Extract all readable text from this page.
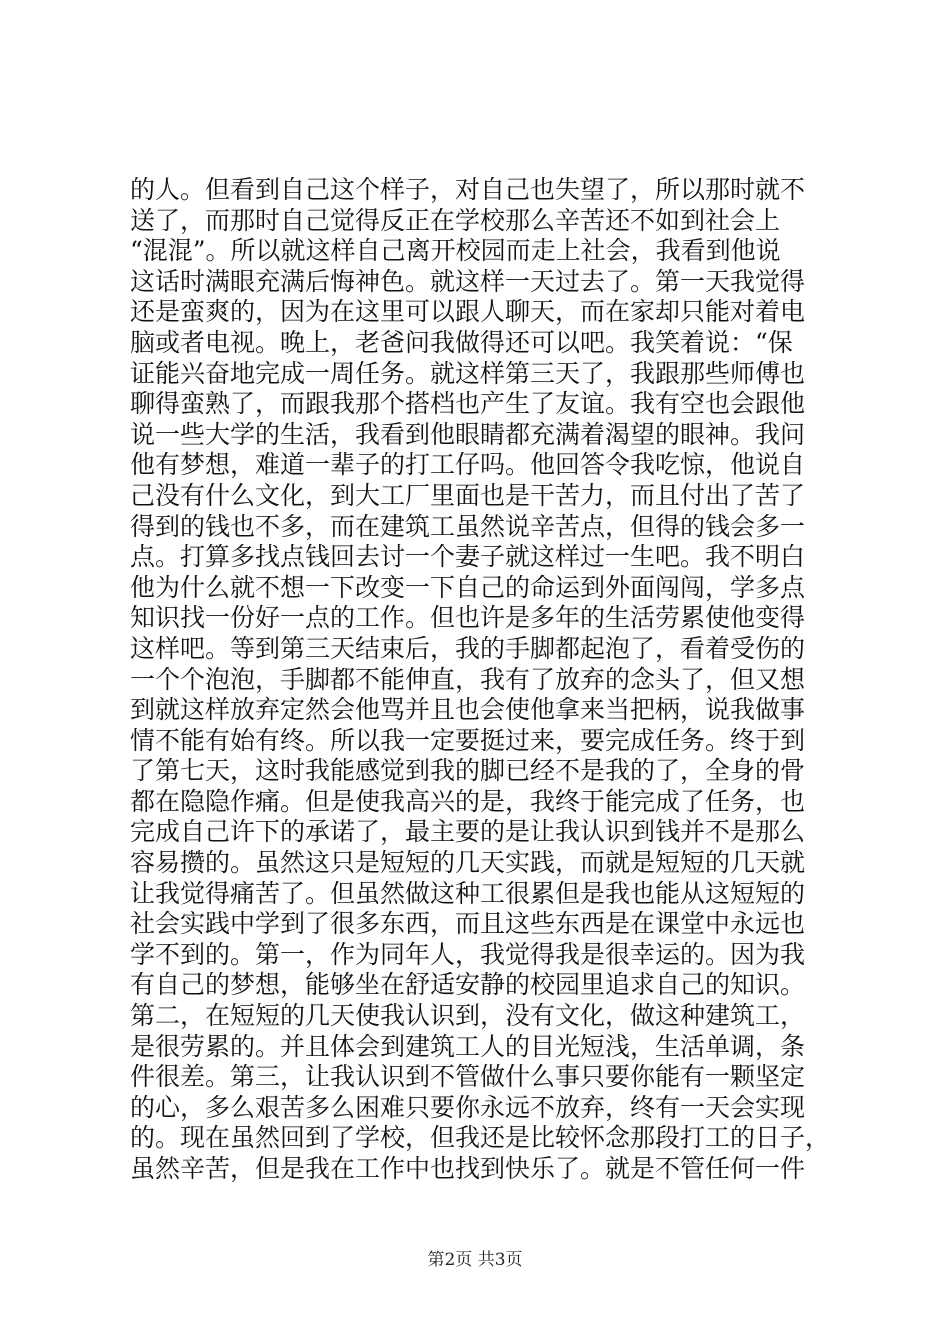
的人。但看到自己这个样子，对自己也失望了，所以那时就不
送了，而那时自己觉得反正在学校那么辛苦还不如到社会上
“混混”。所以就这样自己离开校园而走上社会，我看到他说
这话时满眼充满后悔神色。就这样一天过去了。第一天我觉得
还是蛮爽的，因为在这里可以跟人聊天，而在家却只能对着电
脑或者电视。晚上，老爸问我做得还可以吧。我笑着说：“保
证能兴奋地完成一周任务。就这样第三天了，我跟那些师傅也
聊得蛮熟了，而跟我那个搭档也产生了友谊。我有空也会跟他
说一些大学的生活，我看到他眼睛都充满着渴望的眼神。我问
他有梦想，难道一辈子的打工仔吗。他回答令我吃惊，他说自
己没有什么文化，到大工厂里面也是干苦力，而且付出了苦了
得到的钱也不多，而在建筑工虽然说辛苦点，但得的钱会多一
点。打算多找点钱回去讨一个妻子就这样过一生吧。我不明白
他为什么就不想一下改变一下自己的命运到外面闯闯，学多点
知识找一份好一点的工作。但也许是多年的生活劳累使他变得
这样吧。等到第三天结束后，我的手脚都起泡了，看着受伤的
一个个泡泡，手脚都不能伸直，我有了放弃的念头了，但又想
到就这样放弃定然会他骂并且也会使他拿来当把柄，说我做事
情不能有始有终。所以我一定要挺过来，要完成任务。终于到
了第七天，这时我能感觉到我的脚已经不是我的了，全身的骨
都在隐隐作痛。但是使我高兴的是，我终于能完成了任务，也
完成自己许下的承诺了，最主要的是让我认识到钱并不是那么
容易攒的。虽然这只是短短的几天实践，而就是短短的几天就
让我觉得痛苦了。但虽然做这种工很累但是我也能从这短短的
社会实践中学到了很多东西，而且这些东西是在课堂中永远也
学不到的。第一，作为同年人，我觉得我是很幸运的。因为我
有自己的梦想，能够坐在舒适安静的校园里追求自己的知识。
第二，在短短的几天使我认识到，没有文化，做这种建筑工，
是很劳累的。并且体会到建筑工人的目光短浅，生活单调，条
件很差。第三，让我认识到不管做什么事只要你能有一颗坚定
的心，多么艰苦多么困难只要你永远不放弃，终有一天会实现
的。现在虽然回到了学校，但我还是比较怀念那段打工的日子，
虽然辛苦，但是我在工作中也找到快乐了。就是不管任何一件
第2页 共3页
